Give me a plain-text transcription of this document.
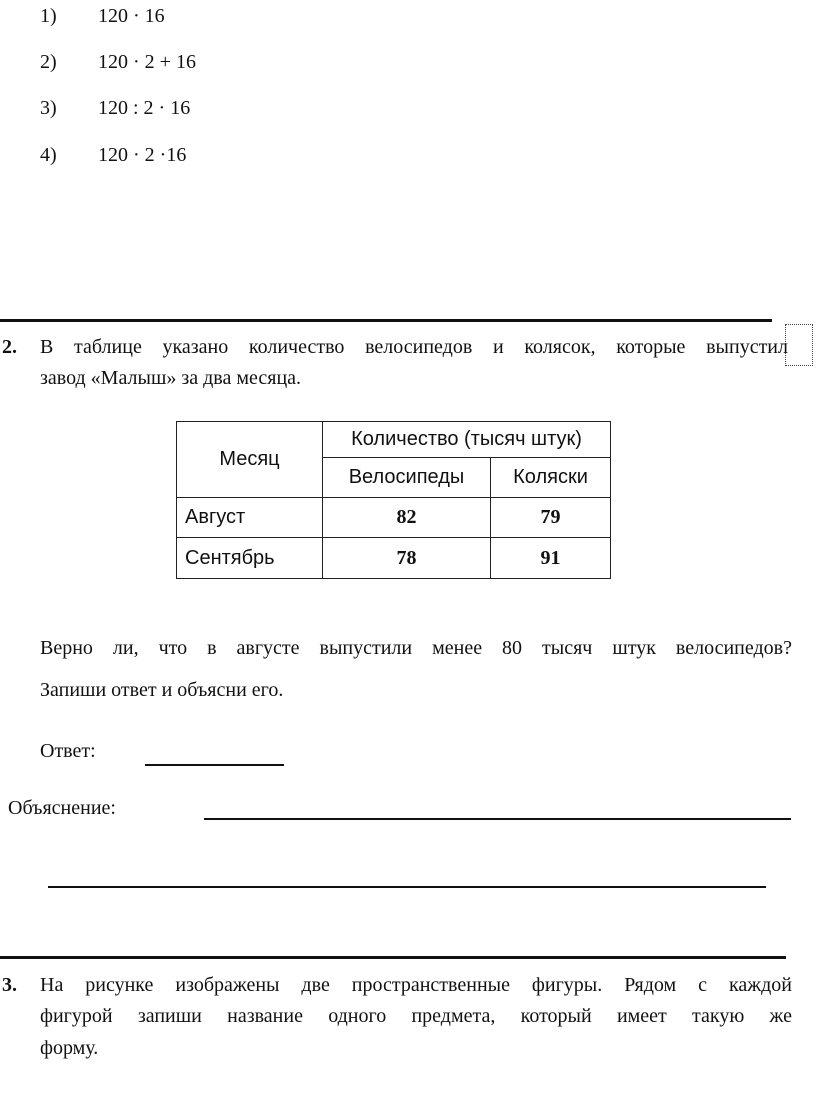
1) 120 · 16
2) 120 · 2 + 16
3) 120 : 2 · 16
4) 120 · 2 ·16
2. В таблице указано количество велосипедов и колясок, которые выпустил
завод «Малыш» за два месяца.
Месяц	Количество (тысяч штук)	
	Велосипеды	Коляски
Август	82	79
Сентябрь	78	91
Верно ли, что в августе выпустили менее 80 тысяч штук велосипедов?
Запиши ответ и объясни его.
Ответ:
Объяснение:
3. На рисунке изображены две пространственные фигуры. Рядом с каждой
фигурой запиши название одного предмета, который имеет такую же
форму.
